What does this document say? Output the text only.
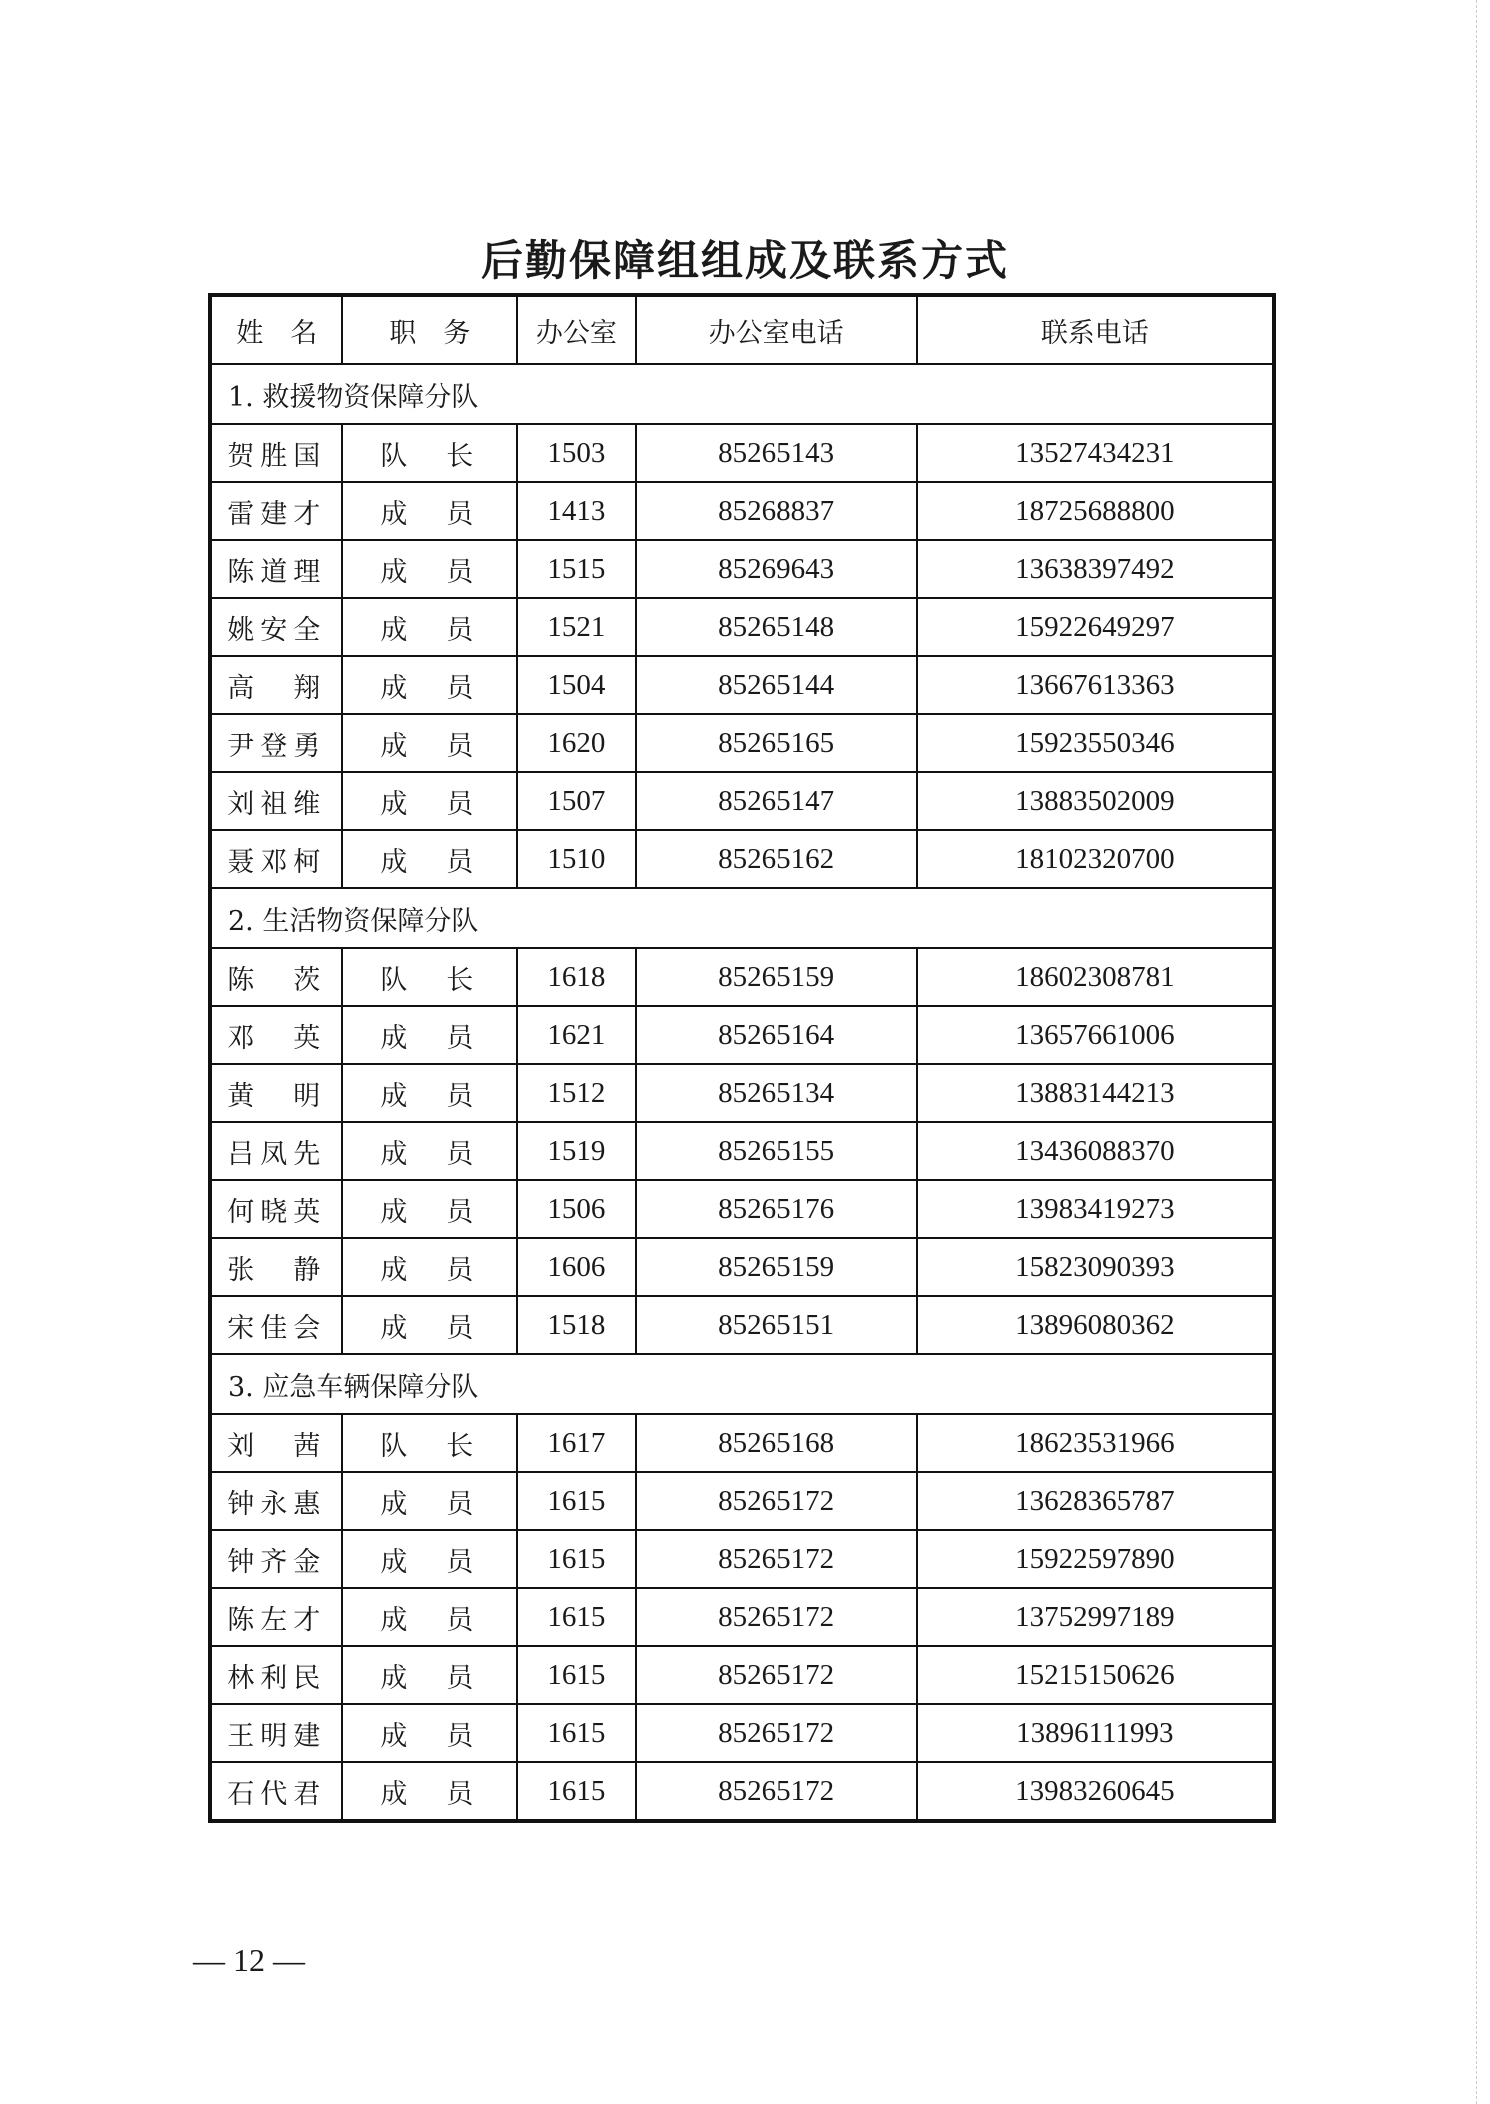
后勤保障组组成及联系方式
姓　名	职　务	办公室	办公室电话	联系电话
1. 救援物资保障分队				
贺胜国	队　长	1503	85265143	13527434231
雷建才	成　员	1413	85268837	18725688800
陈道理	成　员	1515	85269643	13638397492
姚安全	成　员	1521	85265148	15922649297
高　翔	成　员	1504	85265144	13667613363
尹登勇	成　员	1620	85265165	15923550346
刘祖维	成　员	1507	85265147	13883502009
聂邓柯	成　员	1510	85265162	18102320700
2. 生活物资保障分队				
陈　茨	队　长	1618	85265159	18602308781
邓　英	成　员	1621	85265164	13657661006
黄　明	成　员	1512	85265134	13883144213
吕凤先	成　员	1519	85265155	13436088370
何晓英	成　员	1506	85265176	13983419273
张　静	成　员	1606	85265159	15823090393
宋佳会	成　员	1518	85265151	13896080362
3. 应急车辆保障分队				
刘　茜	队　长	1617	85265168	18623531966
钟永惠	成　员	1615	85265172	13628365787
钟齐金	成　员	1615	85265172	15922597890
陈左才	成　员	1615	85265172	13752997189
林利民	成　员	1615	85265172	15215150626
王明建	成　员	1615	85265172	13896111993
石代君	成　员	1615	85265172	13983260645
— 12 —
